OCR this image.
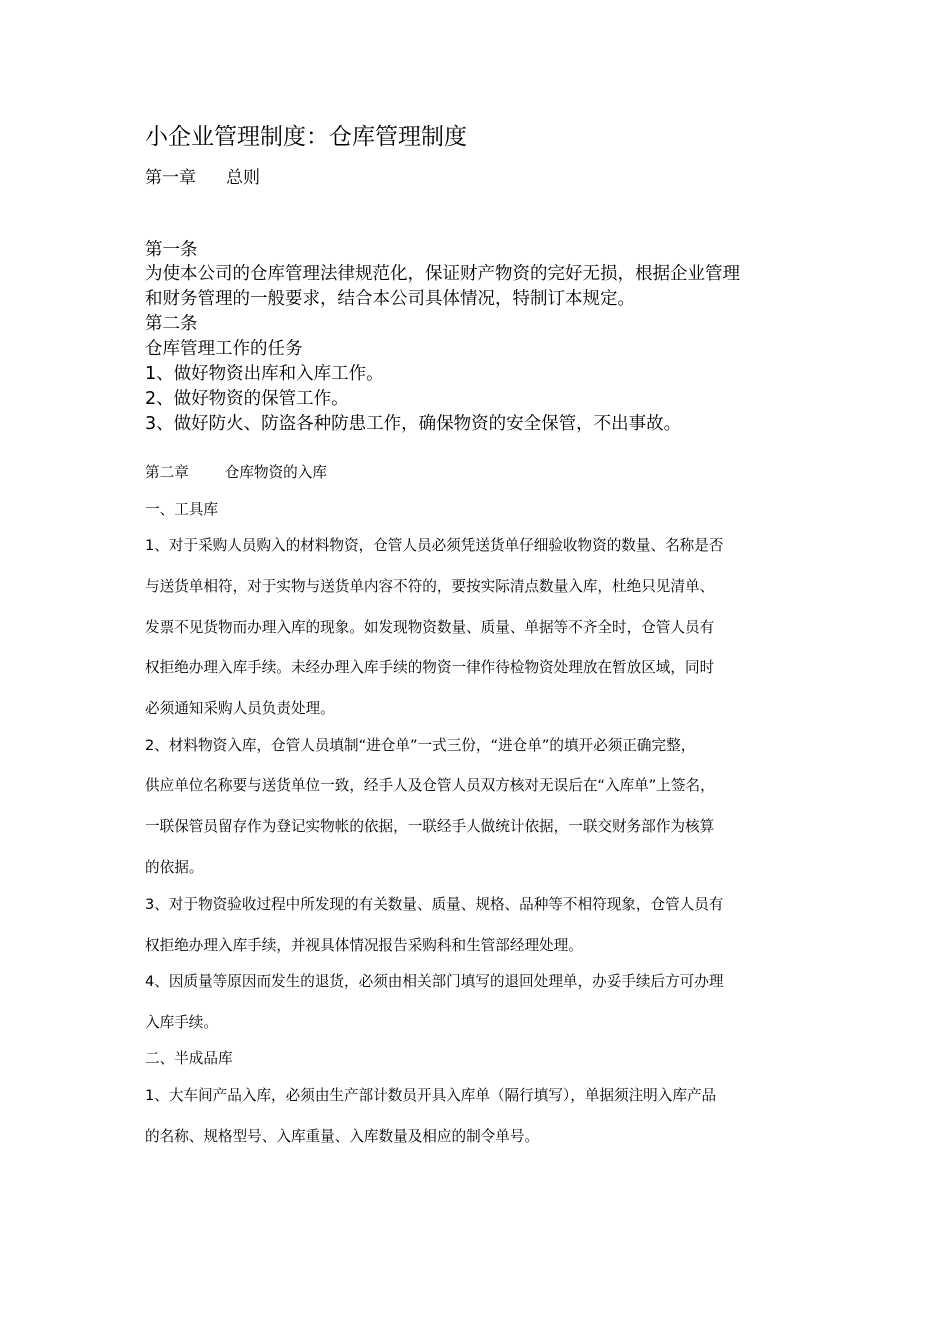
小企业管理制度：仓库管理制度
第一章 总则
第一条
为使本公司的仓库管理法律规范化，保证财产物资的完好无损，根据企业管理
和财务管理的一般要求，结合本公司具体情况，特制订本规定。
第二条
仓库管理工作的任务
1、做好物资出库和入库工作。
2、做好物资的保管工作。
3、做好防火、防盗各种防患工作，确保物资的安全保管，不出事故。
第二章 仓库物资的入库
一、工具库
1、对于采购人员购入的材料物资，仓管人员必须凭送货单仔细验收物资的数量、名称是否
与送货单相符，对于实物与送货单内容不符的，要按实际清点数量入库，杜绝只见清单、
发票不见货物而办理入库的现象。如发现物资数量、质量、单据等不齐全时，仓管人员有
权拒绝办理入库手续。未经办理入库手续的物资一律作待检物资处理放在暂放区域，同时
必须通知采购人员负责处理。
2、材料物资入库，仓管人员填制“进仓单”一式三份，“进仓单”的填开必须正确完整，
供应单位名称要与送货单位一致，经手人及仓管人员双方核对无误后在“入库单”上签名，
一联保管员留存作为登记实物帐的依据，一联经手人做统计依据，一联交财务部作为核算
的依据。
3、对于物资验收过程中所发现的有关数量、质量、规格、品种等不相符现象，仓管人员有
权拒绝办理入库手续，并视具体情况报告采购科和生管部经理处理。
4、因质量等原因而发生的退货，必须由相关部门填写的退回处理单，办妥手续后方可办理
入库手续。
二、半成品库
1、大车间产品入库，必须由生产部计数员开具入库单（隔行填写），单据须注明入库产品
的名称、规格型号、入库重量、入库数量及相应的制令单号。
